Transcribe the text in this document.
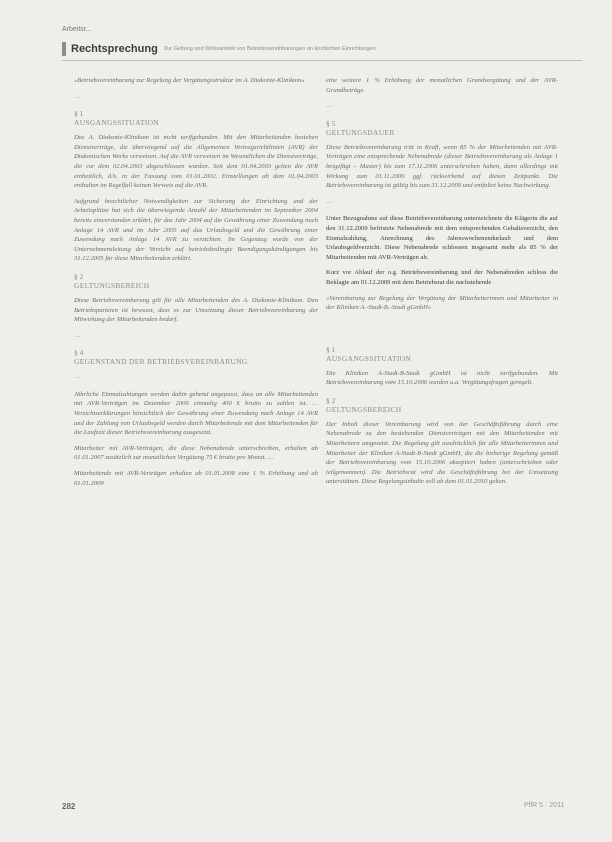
Arbeitsr...
Rechtsprechung Zur Geltung und Wirksamkeit von Betriebsvereinbarungen an kirchlichen Einrichtungen

»Betriebsvereinbarung zur Regelung der Vergütungsstruktur im A. Diakonie-Klinikum«

…
§ 1
AUSGANGSSITUATION

Das A. Diakonie-Klinikum ist nicht tarifgebunden. Mit den Mitarbeitenden bestehen Dienstverträge, die überwiegend auf die Allgemeinen Vertragsrichtlinien (AVR) der Diakonischen Werks verweisen. Auf die AVR verweisen im Wesentlichen die Dienstverträge, die vor dem 02.04.2003 abgeschlossen wurden. Seit dem 01.04.2003 gelten die AVR einheitlich, d.h. in der Fassung vom 01.01.2002. Einstellungen ab dem 01.04.2003 enthalten im Regelfall keinen Verweis auf die AVR.

Aufgrund beachtlicher Notwendigkeiten zur Sicherung der Einrichtung und der Arbeitsplätze hat sich die überwiegende Anzahl der Mitarbeitenden im September 2004 bereits einverstanden erklärt, für das Jahr 2004 auf die Gewährung einer Zuwendung nach Anlage 14 AVR und im Jahr 2005 auf das Urlaubsgeld und die Gewährung einer Zuwendung nach Anlage 14 AVR zu verzichten. Im Gegenzug wurde von der Unternehmensleitung der Verzicht auf betriebsbedingte Beendigungskündigungen bis 31.12.2005 für diese Mitarbeitenden erklärt.

§ 2
GELTUNGSBEREICH

Diese Betriebsvereinbarung gilt für alle Mitarbeitenden des A. Diakonie-Klinikum. Den Betriebsparteien ist bewusst, dass es zur Umsetzung dieser Betriebsvereinbarung der Mitwirkung der Mitarbeitenden bedarf.

…
§ 4
GEGENSTAND DER BETRIEBSVEREINBARUNG
…

Jährliche Einmalzahlungen werden dahin gehend angepasst, dass an alle Mitarbeitenden mit AVR-Verträgen im Dezember 2006 einmalig 400 € brutto zu zahlen ist. … Verzichtserklärungen hinsichtlich der Gewährung einer Zuwendung nach Anlage 14 AVR und der Zahlung von Urlaubsgeld werden durch Mitarbeitende mit dem Mitarbeitenden für die Laufzeit dieser Betriebsvereinbarung ausgesetzt.

Mitarbeiter mit AVR-Verträgen, die diese Nebenabrede unterschreiben, erhalten ab 01.01.2007 zusätzlich zur monatlichen Vergütung 75 € brutto pro Monat. …

Mitarbeitende mit AVR-Verträgen erhalten ab 01.01.2008 eine 1 % Erhöhung und ab 01.01.2009

eine weitere 1 % Erhöhung der monatlichen Grundvergütung und der AVR-Grundbeträge.

…
§ 5
GELTUNGSDAUER

Diese Betriebsvereinbarung tritt in Kraft, wenn 85 % der Mitarbeitenden mit AVR-Verträgen eine entsprechende Nebenabrede (dieser Betriebsvereinbarung als Anlage 1 beigefügt – Muster) bis zum 17.11.2006 unterschrieben haben, dann allerdings mit Wirkung zum 01.11.2006 ggf. rückwirkend auf diesen Zeitpunkt. Die Betriebsvereinbarung ist gültig bis zum 31.12.2009 und entfaltet keine Nachwirkung.

…

Unter Bezugnahme auf diese Betriebsvereinbarung unterzeichnete die Klägerin die auf den 31.12.2009 befristete Nebenabrede mit dem entsprechenden Gehaltsverzicht, den Einmalzahlung, Anrechnung des Jahreswochenendurlaub und dem Urlaubsgeldverzicht. Diese Nebenabrede schlossen insgesamt mehr als 85 % der Mitarbeitenden mit AVR-Verträgen ab.

Kurz vor Ablauf der o.g. Betriebsvereinbarung und der Nebenabreden schloss die Beklagte am 01.12.2009 mit dem Betriebsrat die nachstehende

»Vereinbarung zur Regelung der Vergütung der Mitarbeiterinnen und Mitarbeiter in der Kliniken A.-Stadt-B.-Stadt gGmbH«

§ 1
AUSGANGSSITUATION

Die Kliniken A-Stadt-B-Stadt gGmbH ist nicht tarifgebunden. Mit Betriebsvereinbarung vom 15.10.2006 wurden u.a. Vergütungsfragen geregelt.

§ 2
GELTUNGSBEREICH

Der Inhalt dieser Vereinbarung wird von der Geschäftsführung durch eine Nebenabrede zu den bestehenden Dienstverträgen mit den Mitarbeitenden mit Mitarbeitern umgesetzt. Die Regelung gilt ausdrücklich für alle Mitarbeiterinnen und Mitarbeiter der Kliniken A-Stadt-B-Stadt gGmbH, die die bisherige Regelung gemäß der Betriebsvereinbarung vom 15.10.2006 akzeptiert haben (unterschrieben oder teilgenommen). Die Betriebsrat wird die Geschäftsführung bei der Umsetzung unterstützen. Diese Regelungsinhalte soll ab dem 01.01.2010 gelten.

282	PflR 5 · 2011
